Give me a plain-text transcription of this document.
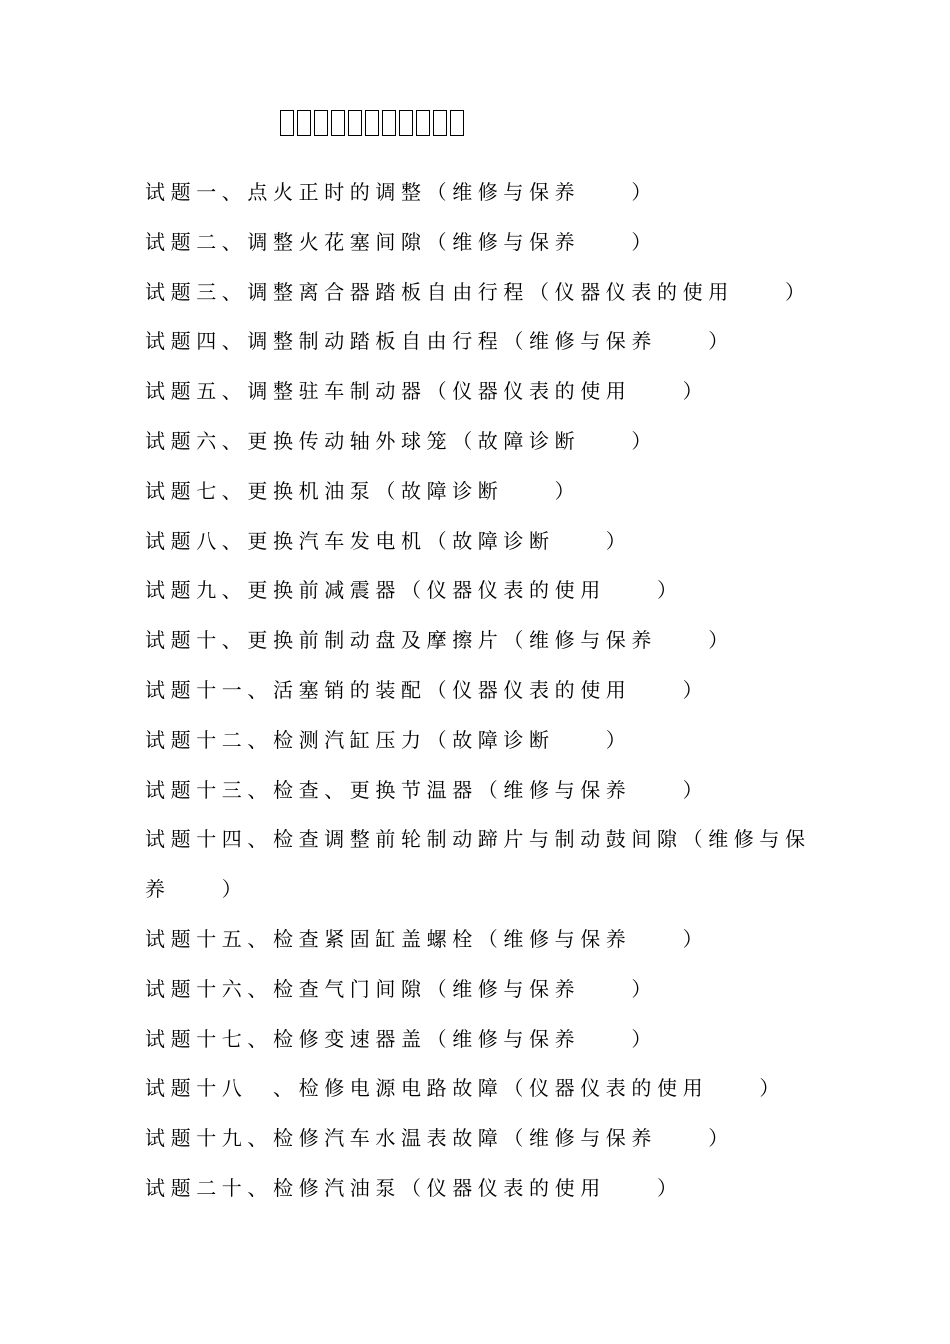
试题一、点火正时的调整（维修与保养　　）
试题二、调整火花塞间隙（维修与保养　　）
试题三、调整离合器踏板自由行程（仪器仪表的使用　　）
试题四、调整制动踏板自由行程（维修与保养　　）
试题五、调整驻车制动器（仪器仪表的使用　　）
试题六、更换传动轴外球笼（故障诊断　　）
试题七、更换机油泵（故障诊断　　）
试题八、更换汽车发电机（故障诊断　　）
试题九、更换前减震器（仪器仪表的使用　　）
试题十、更换前制动盘及摩擦片（维修与保养　　）
试题十一、活塞销的装配（仪器仪表的使用　　）
试题十二、检测汽缸压力（故障诊断　　）
试题十三、检查、更换节温器（维修与保养　　）
试题十四、检查调整前轮制动蹄片与制动鼓间隙（维修与保养　　）
试题十五、检查紧固缸盖螺栓（维修与保养　　）
试题十六、检查气门间隙（维修与保养　　）
试题十七、检修变速器盖（维修与保养　　）
试题十八　、检修电源电路故障（仪器仪表的使用　　）
试题十九、检修汽车水温表故障（维修与保养　　）
试题二十、检修汽油泵（仪器仪表的使用　　）
